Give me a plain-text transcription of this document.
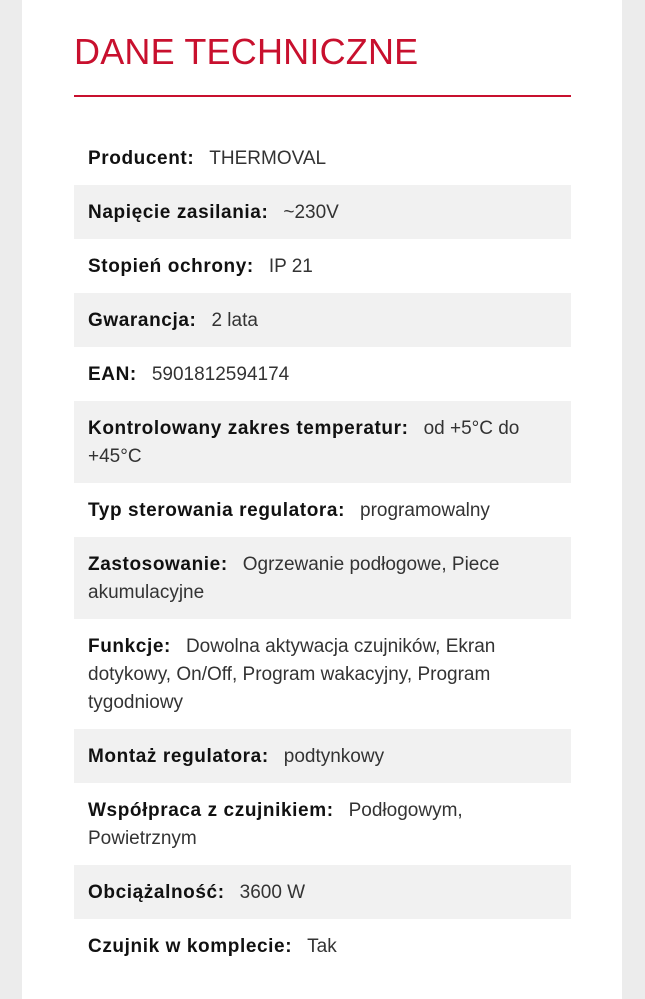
DANE TECHNICZNE
Producent: THERMOVAL
Napięcie zasilania: ~230V
Stopień ochrony: IP 21
Gwarancja: 2 lata
EAN: 5901812594174
Kontrolowany zakres temperatur: od +5°C do +45°C
Typ sterowania regulatora: programowalny
Zastosowanie: Ogrzewanie podłogowe, Piece akumulacyjne
Funkcje: Dowolna aktywacja czujników, Ekran dotykowy, On/Off, Program wakacyjny, Program tygodniowy
Montaż regulatora: podtynkowy
Współpraca z czujnikiem: Podłogowym, Powietrznym
Obciążalność: 3600 W
Czujnik w komplecie: Tak
